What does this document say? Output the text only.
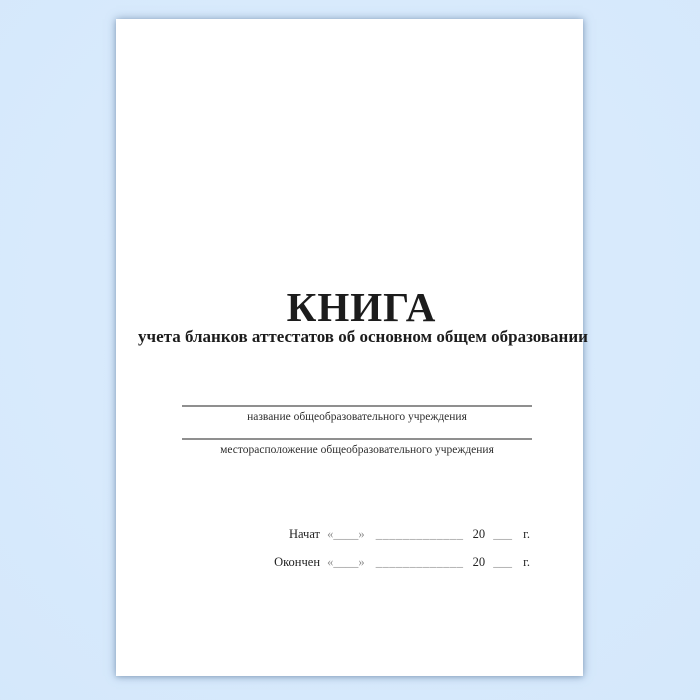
КНИГА
учета бланков аттестатов об основном общем образовании
название общеобразовательного учреждения
месторасположение общеобразовательного учреждения
Начат «____» _____________ 20 ___ г.
Окончен «____» _____________ 20 ___ г.
